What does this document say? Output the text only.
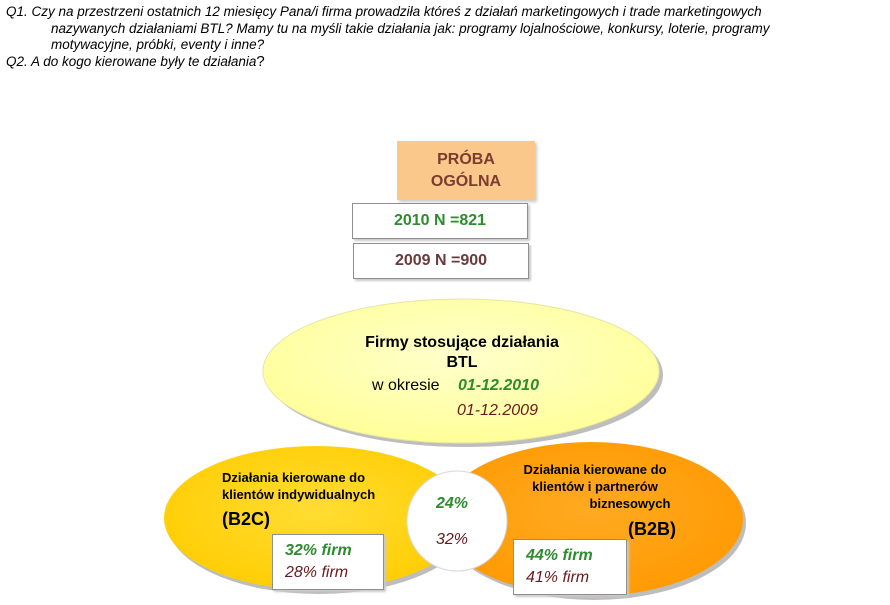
Q1. Czy na przestrzeni ostatnich 12 miesięcy Pana/i firma prowadziła któreś z działań marketingowych i trade marketingowych
nazywanych działaniami BTL? Mamy tu na myśli takie działania jak: programy lojalnościowe, konkursy, loterie, programy
motywacyjne, próbki, eventy i inne?
Q2. A do kogo kierowane były te działania?
PRÓBA
OGÓLNA
2010 N =821
2009 N =900
Firmy stosujące działania
BTL
w okresie 01-12.2010
01-12.2009
Działania kierowane do
klientów indywidualnych
(B2C)
Działania kierowane do
klientów i partnerów
biznesowych
(B2B)
24%
32%
32% firm
28% firm
44% firm
41% firm
